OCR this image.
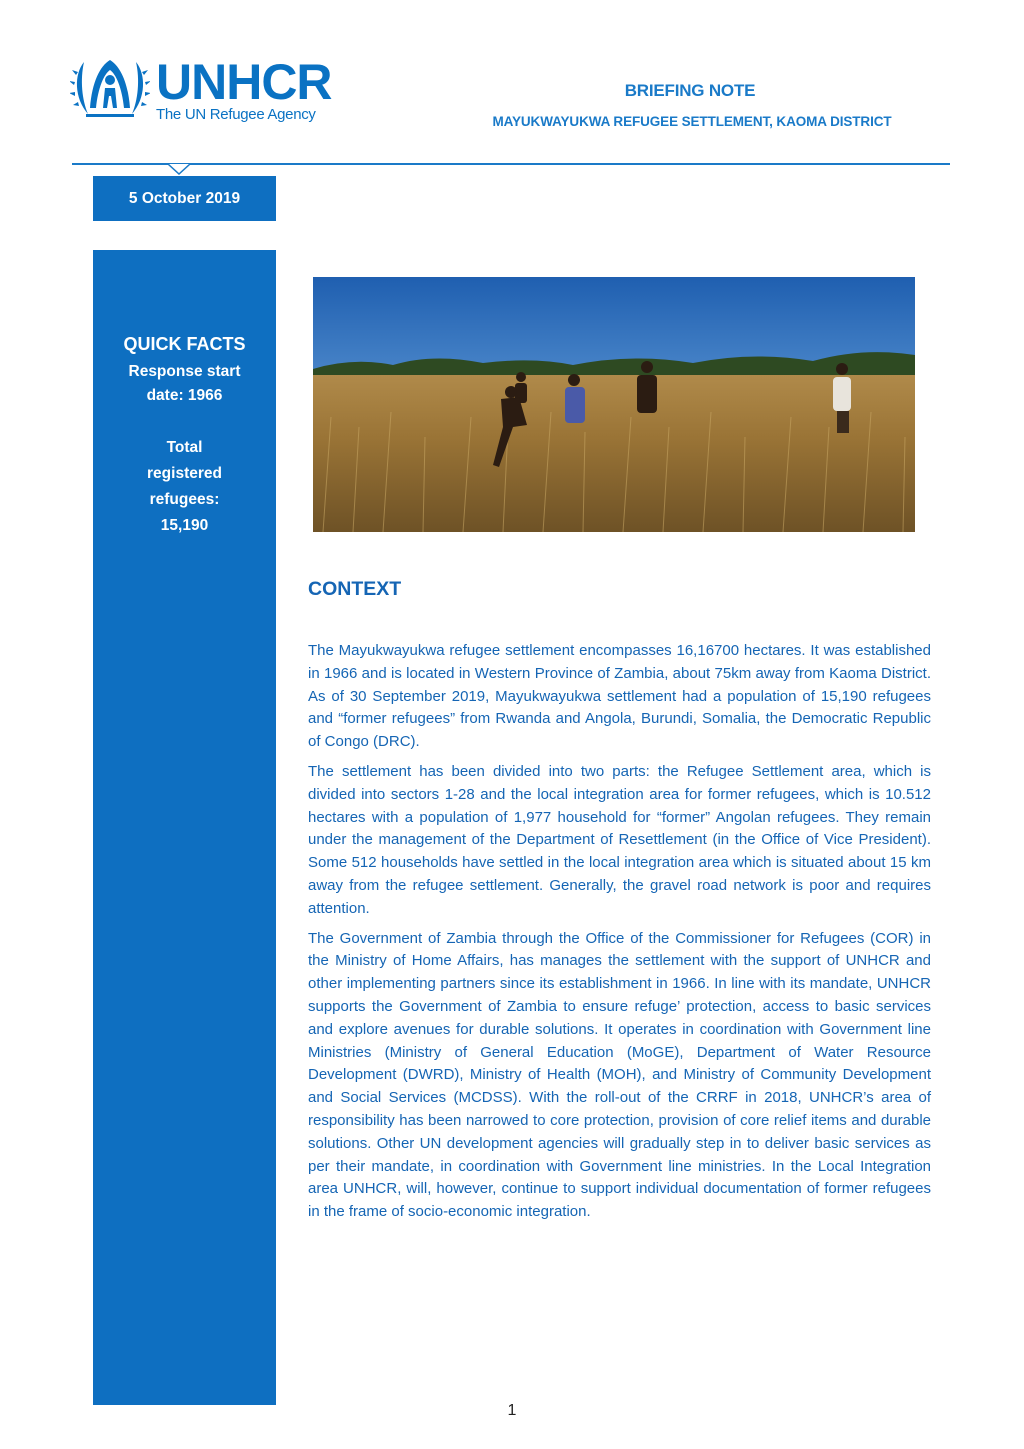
UNHCR
The UN Refugee Agency
BRIEFING NOTE
MAYUKWAYUKWA REFUGEE SETTLEMENT, KAOMA DISTRICT
5 October 2019
QUICK FACTS
Response start
date: 1966
Total
registered
refugees:
15,190
CONTEXT

The Mayukwayukwa refugee settlement encompasses 16,16700 hectares. It was established in 1966 and is located in Western Province of Zambia, about 75km away from Kaoma District. As of 30 September 2019, Mayukwayukwa settlement had a population of 15,190 refugees and “former refugees” from Rwanda and Angola, Burundi, Somalia, the Democratic Republic of Congo (DRC).

The settlement has been divided into two parts: the Refugee Settlement area, which is divided into sectors 1-28 and the local integration area for former refugees, which is 10.512 hectares with a population of 1,977 household for “former” Angolan refugees. They remain under the management of the Department of Resettlement (in the Office of Vice President). Some 512 households have settled in the local integration area which is situated about 15 km away from the refugee settlement. Generally, the gravel road network is poor and requires attention.

The Government of Zambia through the Office of the Commissioner for Refugees (COR) in the Ministry of Home Affairs, has manages the settlement with the support of UNHCR and other implementing partners since its establishment in 1966. In line with its mandate, UNHCR supports the Government of Zambia to ensure refuge’ protection, access to basic services and explore avenues for durable solutions. It operates in coordination with Government line Ministries (Ministry of General Education (MoGE), Department of Water Resource Development (DWRD), Ministry of Health (MOH), and Ministry of Community Development and Social Services (MCDSS). With the roll-out of the CRRF in 2018, UNHCR’s area of responsibility has been narrowed to core protection, provision of core relief items and durable solutions. Other UN development agencies will gradually step in to deliver basic services as per their mandate, in coordination with Government line ministries. In the Local Integration area UNHCR, will, however, continue to support individual documentation of former refugees in the frame of socio-economic integration.

1
